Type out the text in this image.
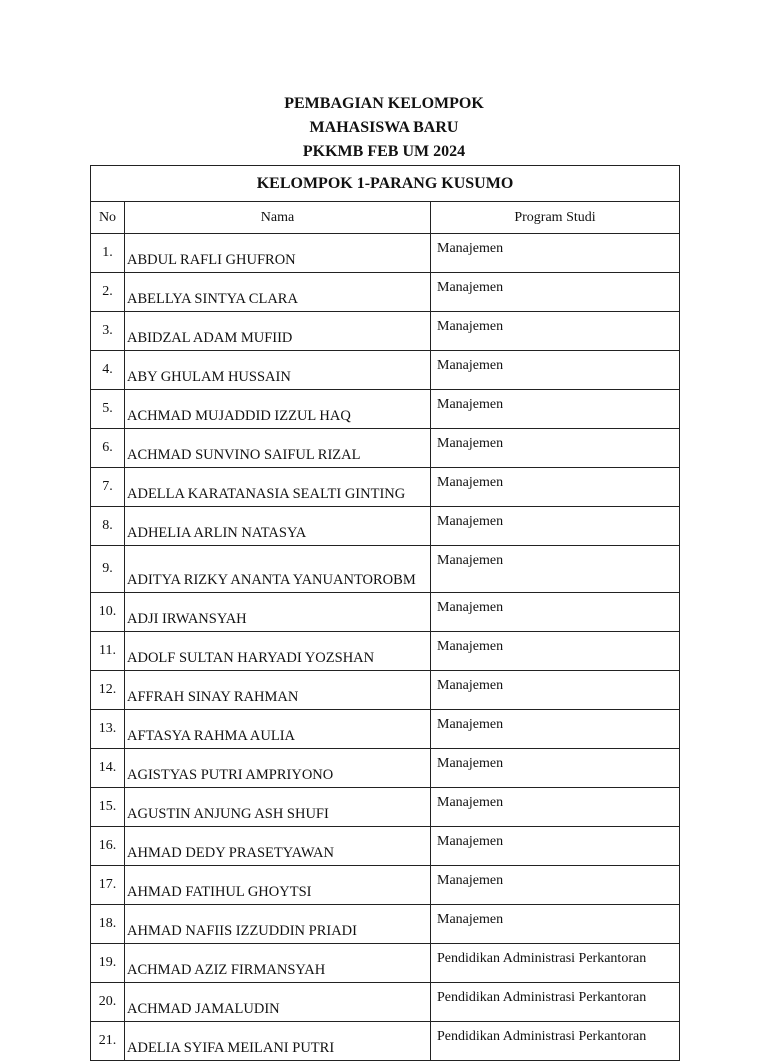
PEMBAGIAN KELOMPOK
MAHASISWA BARU
PKKMB FEB UM 2024
KELOMPOK 1-PARANG KUSUMO		
No	Nama	Program Studi
1.	ABDUL RAFLI GHUFRON	Manajemen
2.	ABELLYA SINTYA CLARA	Manajemen
3.	ABIDZAL ADAM MUFIID	Manajemen
4.	ABY GHULAM HUSSAIN	Manajemen
5.	ACHMAD MUJADDID IZZUL HAQ	Manajemen
6.	ACHMAD SUNVINO SAIFUL RIZAL	Manajemen
7.	ADELLA KARATANASIA SEALTI GINTING	Manajemen
8.	ADHELIA ARLIN NATASYA	Manajemen
9.	ADITYA RIZKY ANANTA YANUANTOROBM	Manajemen
10.	ADJI IRWANSYAH	Manajemen
11.	ADOLF SULTAN HARYADI YOZSHAN	Manajemen
12.	AFFRAH SINAY RAHMAN	Manajemen
13.	AFTASYA RAHMA AULIA	Manajemen
14.	AGISTYAS PUTRI AMPRIYONO	Manajemen
15.	AGUSTIN ANJUNG ASH SHUFI	Manajemen
16.	AHMAD DEDY PRASETYAWAN	Manajemen
17.	AHMAD FATIHUL GHOYTSI	Manajemen
18.	AHMAD NAFIIS IZZUDDIN PRIADI	Manajemen
19.	ACHMAD AZIZ FIRMANSYAH	Pendidikan Administrasi Perkantoran
20.	ACHMAD JAMALUDIN	Pendidikan Administrasi Perkantoran
21.	ADELIA SYIFA MEILANI PUTRI	Pendidikan Administrasi Perkantoran
